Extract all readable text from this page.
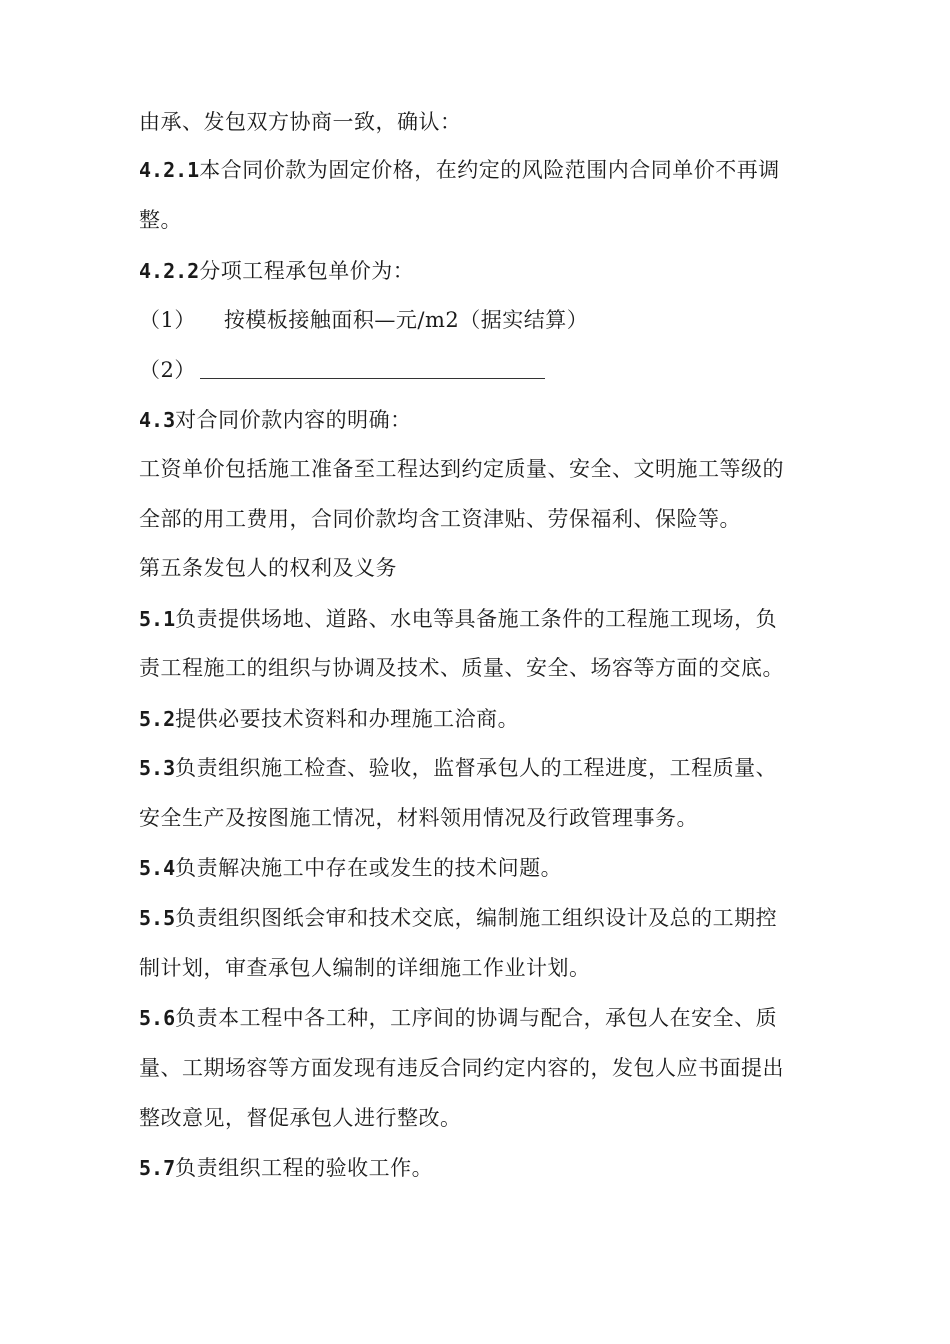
由承、发包双方协商一致，确认：
4.2.1本合同价款为固定价格，在约定的风险范围内合同单价不再调
整。
4.2.2分项工程承包单价为：
（1） 按模板接触面积—元/m2（据实结算）
（2）
4.3对合同价款内容的明确：
工资单价包括施工准备至工程达到约定质量、安全、文明施工等级的
全部的用工费用，合同价款均含工资津贴、劳保福利、保险等。
第五条发包人的权利及义务
5.1负责提供场地、道路、水电等具备施工条件的工程施工现场，负
责工程施工的组织与协调及技术、质量、安全、场容等方面的交底。
5.2提供必要技术资料和办理施工洽商。
5.3负责组织施工检查、验收，监督承包人的工程进度，工程质量、
安全生产及按图施工情况，材料领用情况及行政管理事务。
5.4负责解决施工中存在或发生的技术问题。
5.5负责组织图纸会审和技术交底，编制施工组织设计及总的工期控
制计划，审查承包人编制的详细施工作业计划。
5.6负责本工程中各工种，工序间的协调与配合，承包人在安全、质
量、工期场容等方面发现有违反合同约定内容的，发包人应书面提出
整改意见，督促承包人进行整改。
5.7负责组织工程的验收工作。
